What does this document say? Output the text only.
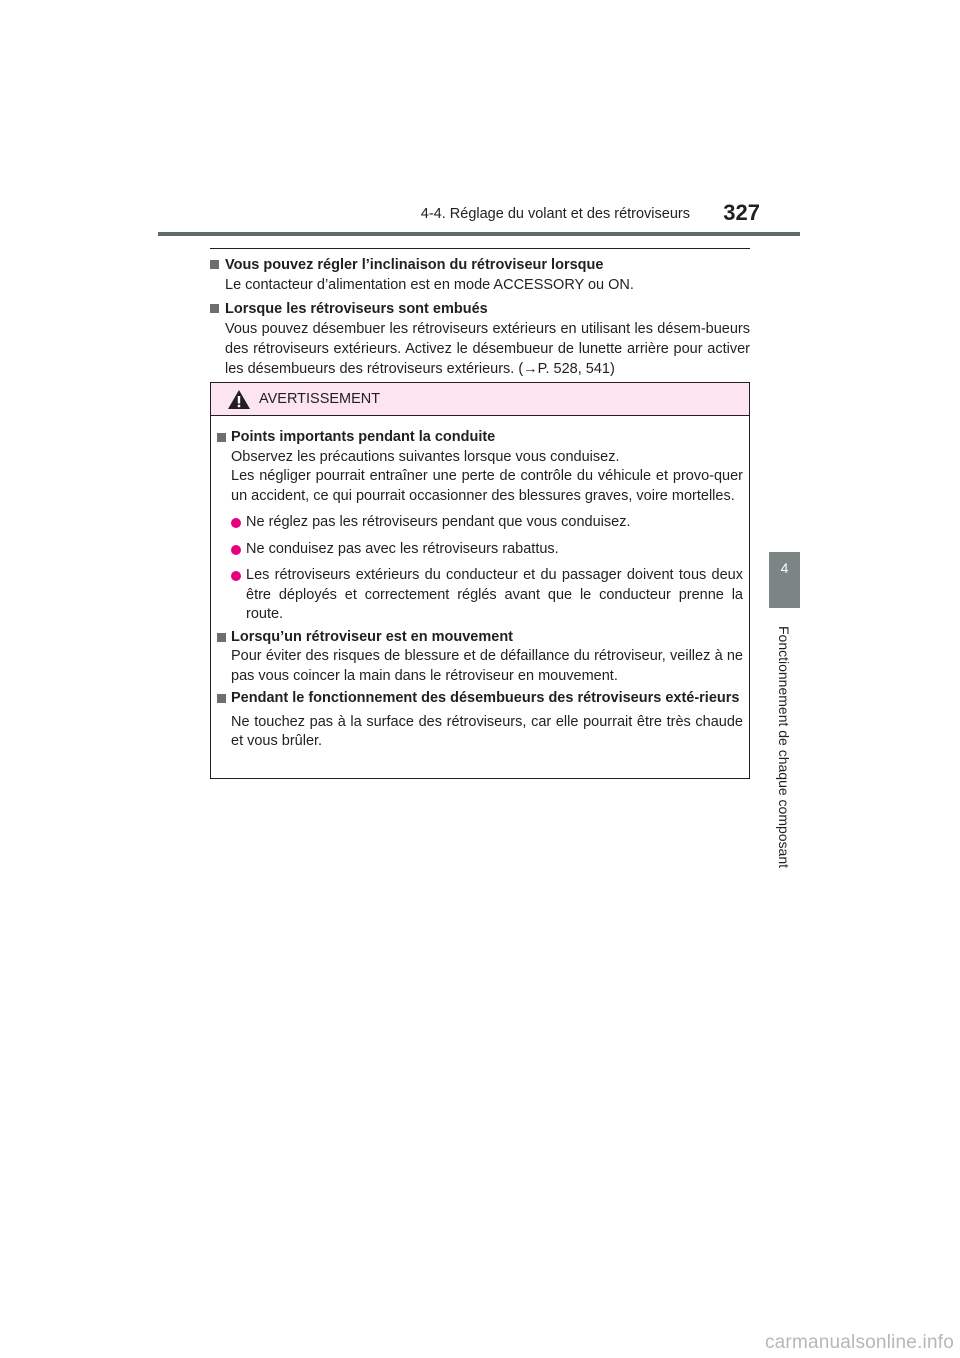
4-4. Réglage du volant et des rétroviseurs	327
4
Fonctionnement de chaque composant
Vous pouvez régler l’inclinaison du rétroviseur lorsque
Le contacteur d’alimentation est en mode ACCESSORY ou ON.
Lorsque les rétroviseurs sont embués
Vous pouvez désembuer les rétroviseurs extérieurs en utilisant les désem-bueurs des rétroviseurs extérieurs. Activez le désembueur de lunette arrière pour activer les désembueurs des rétroviseurs extérieurs. (→P. 528, 541)
AVERTISSEMENT
Points importants pendant la conduite
Observez les précautions suivantes lorsque vous conduisez.
Les négliger pourrait entraîner une perte de contrôle du véhicule et provo-quer un accident, ce qui pourrait occasionner des blessures graves, voire mortelles.
Ne réglez pas les rétroviseurs pendant que vous conduisez.
Ne conduisez pas avec les rétroviseurs rabattus.
Les rétroviseurs extérieurs du conducteur et du passager doivent tous deux être déployés et correctement réglés avant que le conducteur prenne la route.
Lorsqu’un rétroviseur est en mouvement
Pour éviter des risques de blessure et de défaillance du rétroviseur, veillez à ne pas vous coincer la main dans le rétroviseur en mouvement.
Pendant le fonctionnement des désembueurs des rétroviseurs exté-rieurs
Ne touchez pas à la surface des rétroviseurs, car elle pourrait être très chaude et vous brûler.
carmanualsonline.info
